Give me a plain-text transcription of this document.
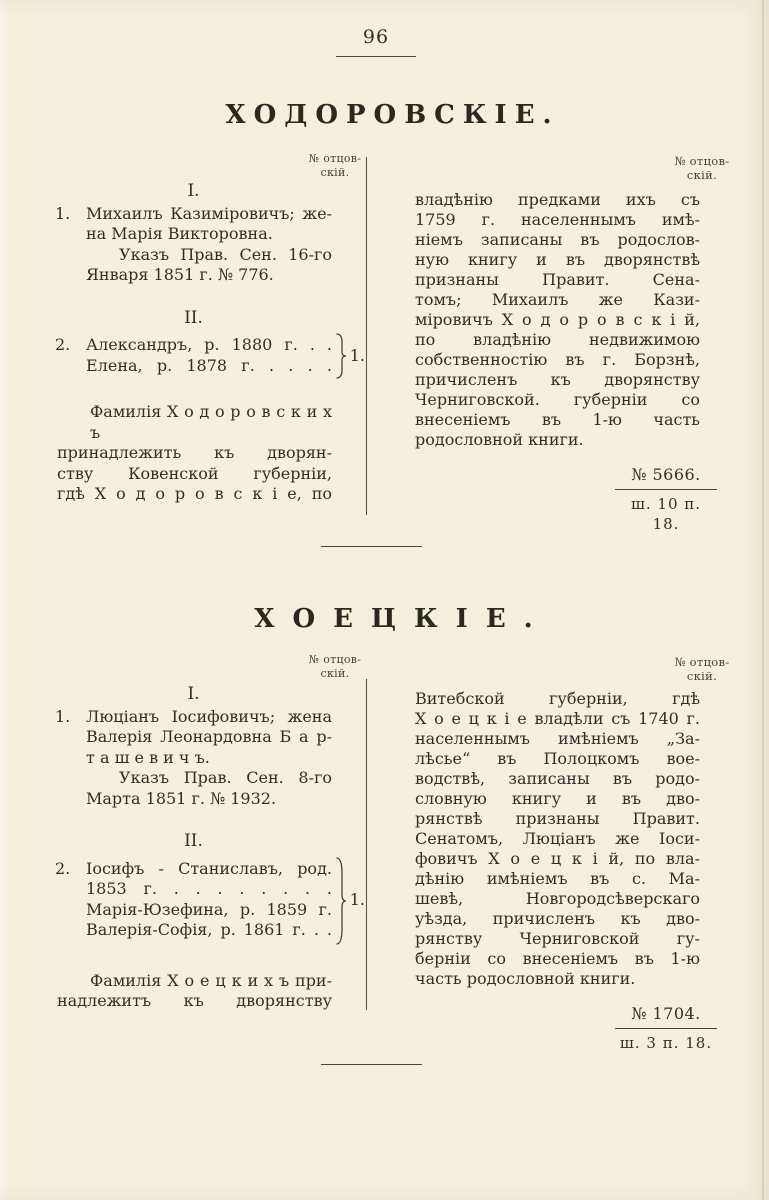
96
ХОДОРОВСКІЕ.
№ отцов-
скій.
№ отцов-
скій.
I.
1. Михаилъ Казиміровичъ; же-
на Марія Викторовна.
Указъ Прав. Сен. 16-го
Января 1851 г. № 776.
II.
2. Александръ, р. 1880 г. . .
Елена, р. 1878 г. . . . .
1.
Фамилія Х о д о р о в с к и х ъ
принадлежить къ дворян-
ству Ковенской губерніи,
гдѣ Х о д о р о в с к і е, по
владѣнію предками ихъ съ
1759 г. населеннымъ имѣ-
ніемъ записаны въ родослов-
ную книгу и въ дворянствѣ
признаны Правит. Сена-
томъ; Михаилъ же Кази-
міровичъ Х о д о р о в с к і й,
по владѣнію недвижимою
собственностію въ г. Борзнѣ,
причисленъ къ дворянству
Черниговской. губерніи со
внесеніемъ въ 1-ю часть
родословной книги.
№ 5666.
ш. 10 п. 18.
ХОЕЦКІЕ.
№ отцов-
скій.
№ отцов-
скій.
I.
1. Люціанъ Іосифовичъ; жена
Валерія Леонардовна Б а р-
т а ш е в и ч ъ.
Указъ Прав. Сен. 8-го
Марта 1851 г. № 1932.
II.
2. Іосифъ - Станиславъ, род.
1853 г. . . . . . . . .
Марія-Юзефина, р. 1859 г.
Валерія-Софія, р. 1861 г. . .
1.
Фамилія Х о е ц к и х ъ при-
надлежитъ къ дворянству
Витебской губерніи, гдѣ
Х о е ц к і е владѣли съ 1740 г.
населеннымъ имѣніемъ „За-
лѣсье“ въ Полоцкомъ вое-
водствѣ, записаны въ родо-
словную книгу и въ дво-
рянствѣ признаны Правит.
Сенатомъ, Люціанъ же Іоси-
фовичъ Х о е ц к і й, по вла-
дѣнію имѣніемъ въ с. Ма-
шевѣ, Новгородсѣверскаго
уѣзда, причисленъ къ дво-
рянству Черниговской гу-
берніи со внесеніемъ въ 1-ю
часть родословной книги.
№ 1704.
ш. 3 п. 18.
